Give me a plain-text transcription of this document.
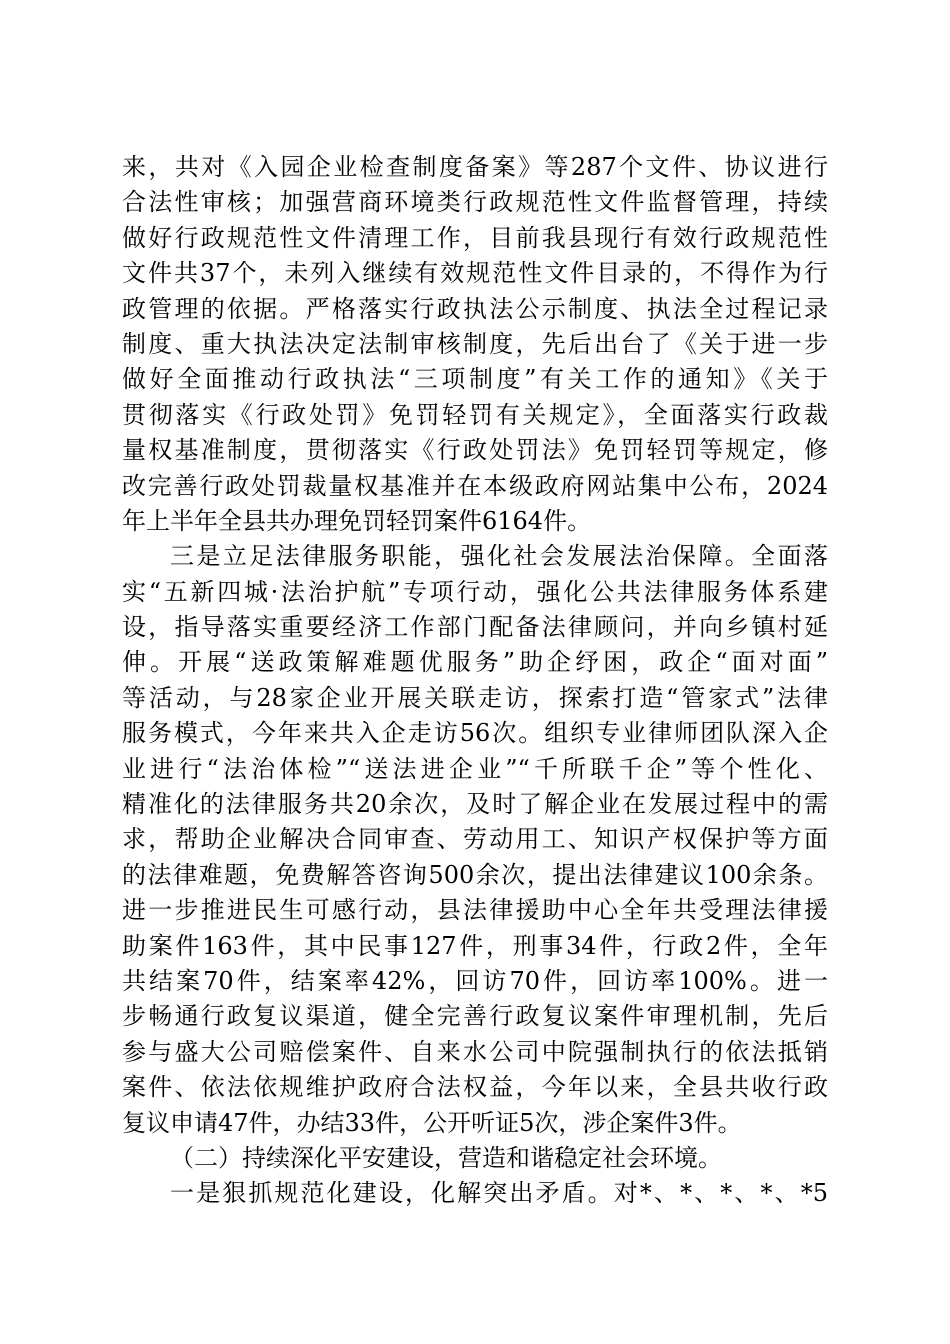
来，共对《入园企业检查制度备案》等287个文件、协议进行
合法性审核；加强营商环境类行政规范性文件监督管理，持续
做好行政规范性文件清理工作，目前我县现行有效行政规范性
文件共37个，未列入继续有效规范性文件目录的，不得作为行
政管理的依据。严格落实行政执法公示制度、执法全过程记录
制度、重大执法决定法制审核制度，先后出台了《关于进一步
做好全面推动行政执法“三项制度”有关工作的通知》《关于
贯彻落实《行政处罚》免罚轻罚有关规定》，全面落实行政裁
量权基准制度，贯彻落实《行政处罚法》免罚轻罚等规定，修
改完善行政处罚裁量权基准并在本级政府网站集中公布，2024
年上半年全县共办理免罚轻罚案件6164件。
三是立足法律服务职能，强化社会发展法治保障。全面落
实“五新四城·法治护航”专项行动，强化公共法律服务体系建
设，指导落实重要经济工作部门配备法律顾问，并向乡镇村延
伸。开展“送政策解难题优服务”助企纾困，政企“面对面”
等活动，与28家企业开展关联走访，探索打造“管家式”法律
服务模式，今年来共入企走访56次。组织专业律师团队深入企
业进行“法治体检”“送法进企业”“千所联千企”等个性化、
精准化的法律服务共20余次，及时了解企业在发展过程中的需
求，帮助企业解决合同审查、劳动用工、知识产权保护等方面
的法律难题，免费解答咨询500余次，提出法律建议100余条。
进一步推进民生可感行动，县法律援助中心全年共受理法律援
助案件163件，其中民事127件，刑事34件，行政2件，全年
共结案70件，结案率42%，回访70件，回访率100%。进一
步畅通行政复议渠道，健全完善行政复议案件审理机制，先后
参与盛大公司赔偿案件、自来水公司中院强制执行的依法抵销
案件、依法依规维护政府合法权益，今年以来，全县共收行政
复议申请47件，办结33件，公开听证5次，涉企案件3件。
（二）持续深化平安建设，营造和谐稳定社会环境。
一是狠抓规范化建设，化解突出矛盾。对*、*、*、*、*5
